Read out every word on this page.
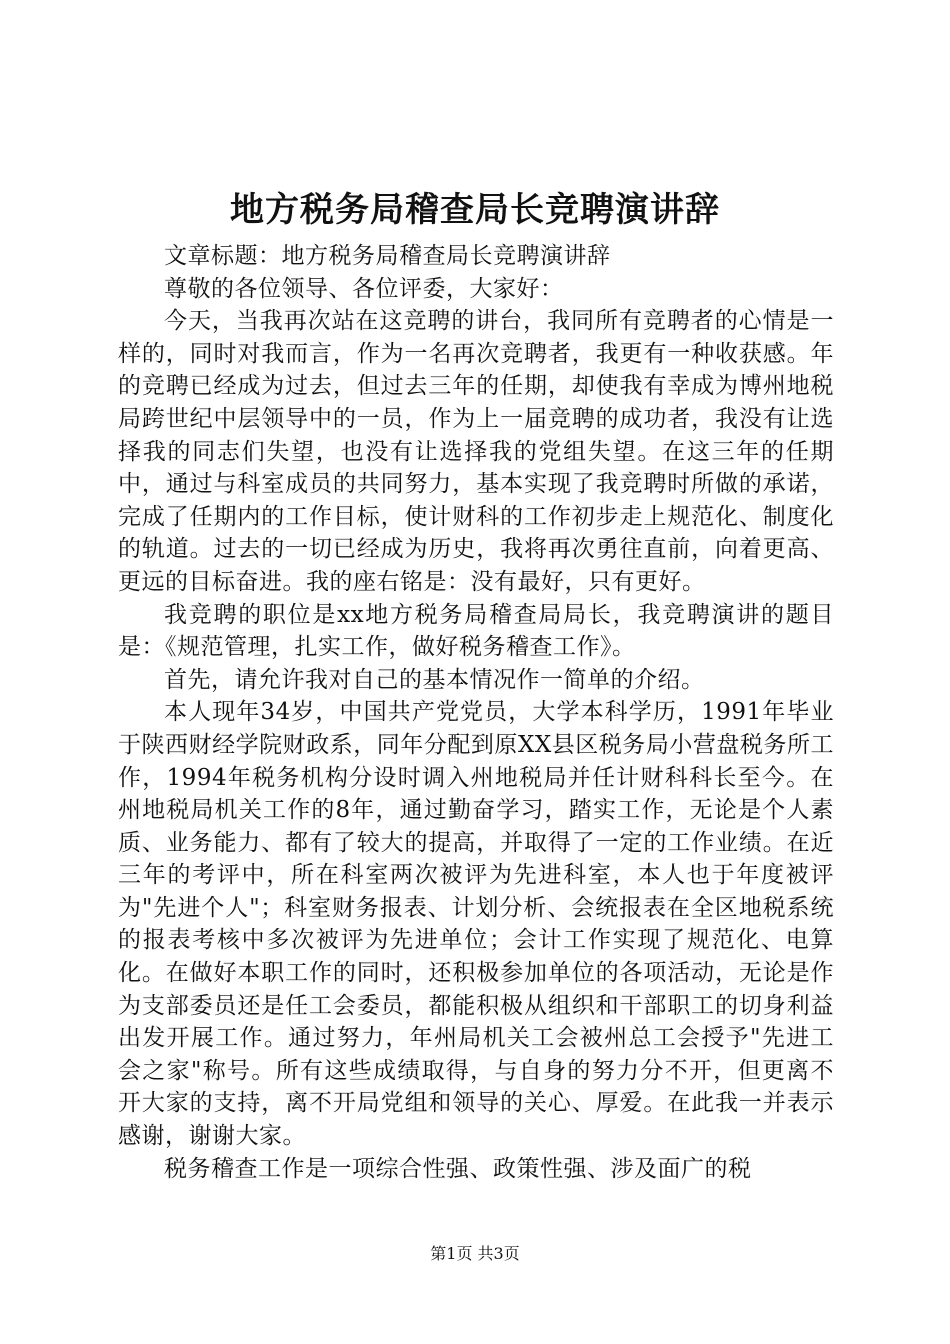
地方税务局稽查局长竞聘演讲辞

文章标题：地方税务局稽查局长竞聘演讲辞

尊敬的各位领导、各位评委，大家好：

今天，当我再次站在这竞聘的讲台，我同所有竞聘者的心情是一样的，同时对我而言，作为一名再次竞聘者，我更有一种收获感。年的竞聘已经成为过去，但过去三年的任期，却使我有幸成为博州地税局跨世纪中层领导中的一员，作为上一届竞聘的成功者，我没有让选择我的同志们失望，也没有让选择我的党组失望。在这三年的任期中，通过与科室成员的共同努力，基本实现了我竞聘时所做的承诺，完成了任期内的工作目标，使计财科的工作初步走上规范化、制度化的轨道。过去的一切已经成为历史，我将再次勇往直前，向着更高、更远的目标奋进。我的座右铭是：没有最好，只有更好。

我竞聘的职位是xx地方税务局稽查局局长，我竞聘演讲的题目是：《规范管理，扎实工作，做好税务稽查工作》。

首先，请允许我对自己的基本情况作一简单的介绍。

本人现年34岁，中国共产党党员，大学本科学历，1991年毕业于陕西财经学院财政系，同年分配到原XX县区税务局小营盘税务所工作，1994年税务机构分设时调入州地税局并任计财科科长至今。在州地税局机关工作的8年，通过勤奋学习，踏实工作，无论是个人素质、业务能力、都有了较大的提高，并取得了一定的工作业绩。在近三年的考评中，所在科室两次被评为先进科室，本人也于年度被评为"先进个人"；科室财务报表、计划分析、会统报表在全区地税系统的报表考核中多次被评为先进单位；会计工作实现了规范化、电算化。在做好本职工作的同时，还积极参加单位的各项活动，无论是作为支部委员还是任工会委员，都能积极从组织和干部职工的切身利益出发开展工作。通过努力，年州局机关工会被州总工会授予"先进工会之家"称号。所有这些成绩取得，与自身的努力分不开，但更离不开大家的支持，离不开局党组和领导的关心、厚爱。在此我一并表示感谢，谢谢大家。

税务稽查工作是一项综合性强、政策性强、涉及面广的税

第1页 共3页
